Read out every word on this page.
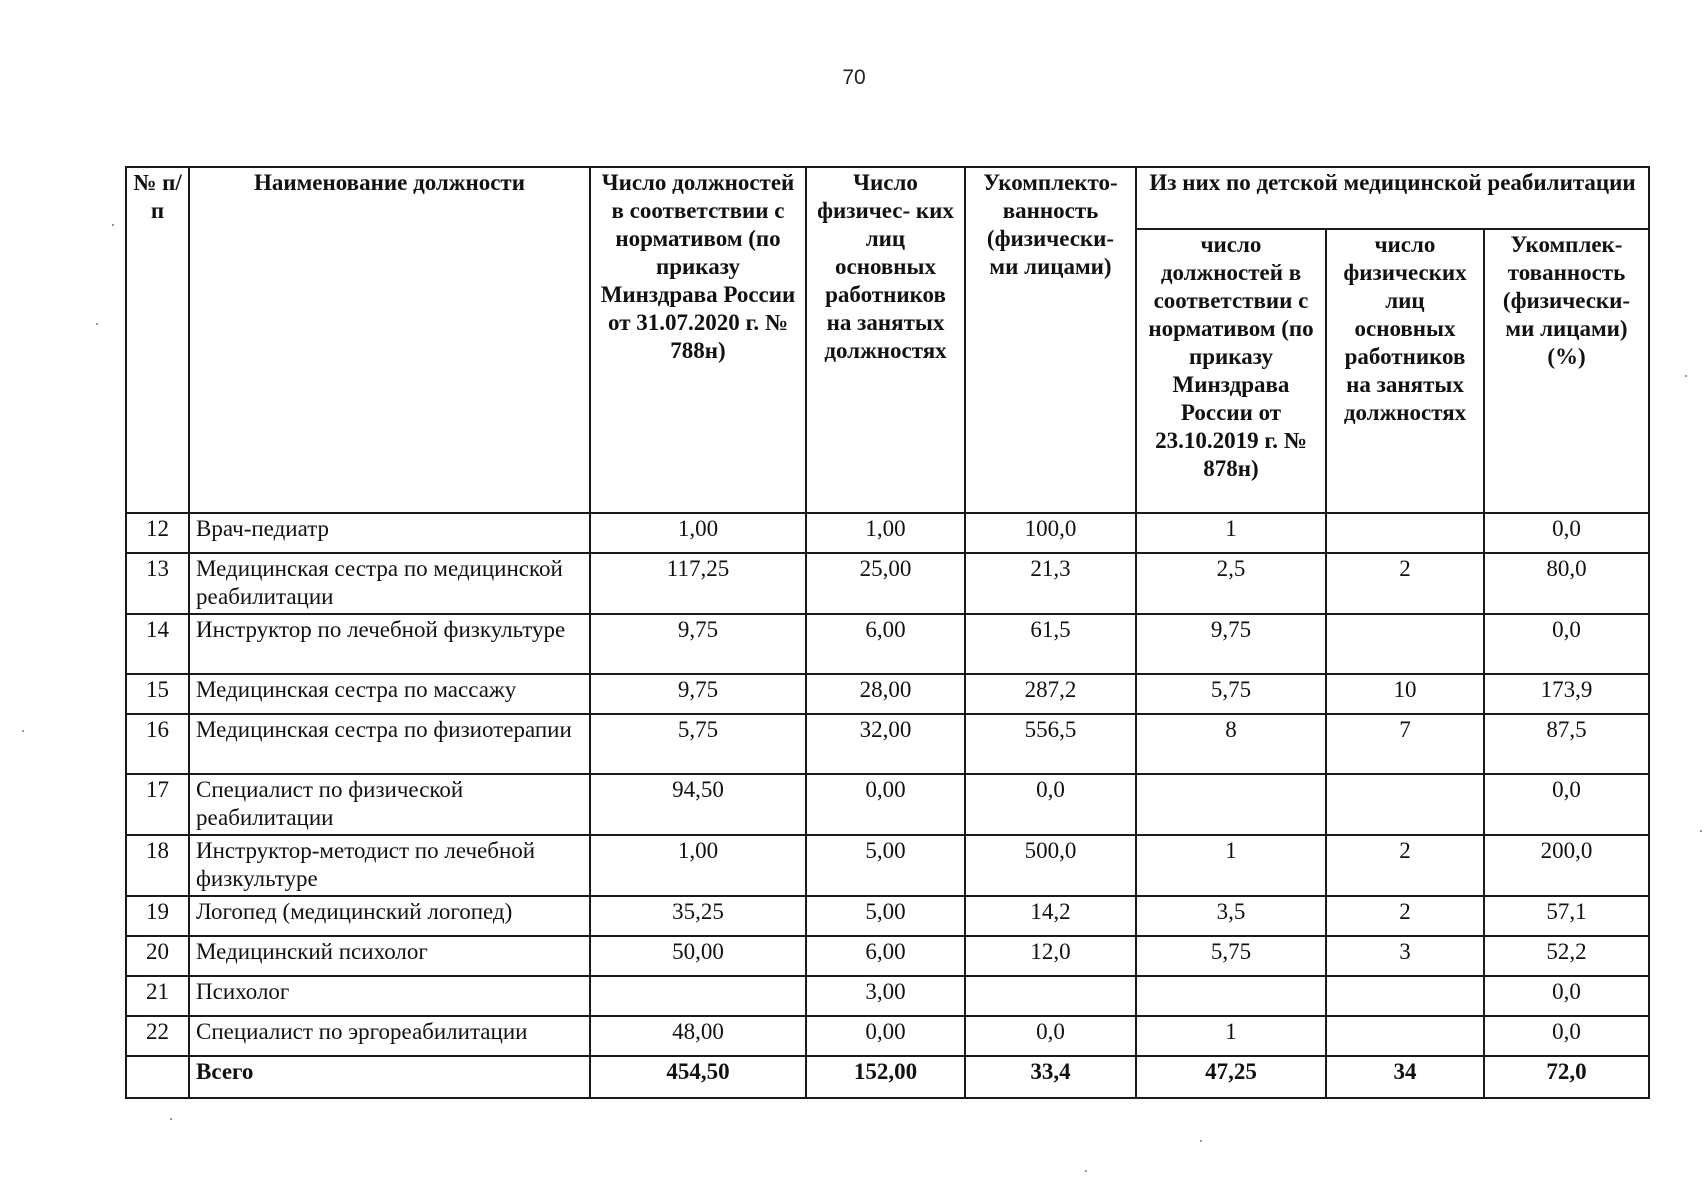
70
№ п/п	Наименование должности	Число должностей в соответствии с нормативом (по приказу Минздрава России от 31.07.2020 г. № 788н)	Число физичес- ких лиц основных работников на занятых должностях	Укомплекто- ванность (физически- ми лицами)	Из них по детской медицинской реабилитации		
					число должностей в соответствии с нормативом (по приказу Минздрава России от 23.10.2019 г. № 878н)	число физических лиц основных работников на занятых должностях	Укомплек- тованность (физически- ми лицами) (%)
12	Врач-педиатр	1,00	1,00	100,0	1		0,0
13	Медицинская сестра по медицинской реабилитации	117,25	25,00	21,3	2,5	2	80,0
14	Инструктор по лечебной физкультуре	9,75	6,00	61,5	9,75		0,0
15	Медицинская сестра по массажу	9,75	28,00	287,2	5,75	10	173,9
16	Медицинская сестра по физиотерапии	5,75	32,00	556,5	8	7	87,5
17	Специалист по физической реабилитации	94,50	0,00	0,0			0,0
18	Инструктор-методист по лечебной физкультуре	1,00	5,00	500,0	1	2	200,0
19	Логопед (медицинский логопед)	35,25	5,00	14,2	3,5	2	57,1
20	Медицинский психолог	50,00	6,00	12,0	5,75	3	52,2
21	Психолог		3,00				0,0
22	Специалист по эргореабилитации	48,00	0,00	0,0	1		0,0
	Всего	454,50	152,00	33,4	47,25	34	72,0
